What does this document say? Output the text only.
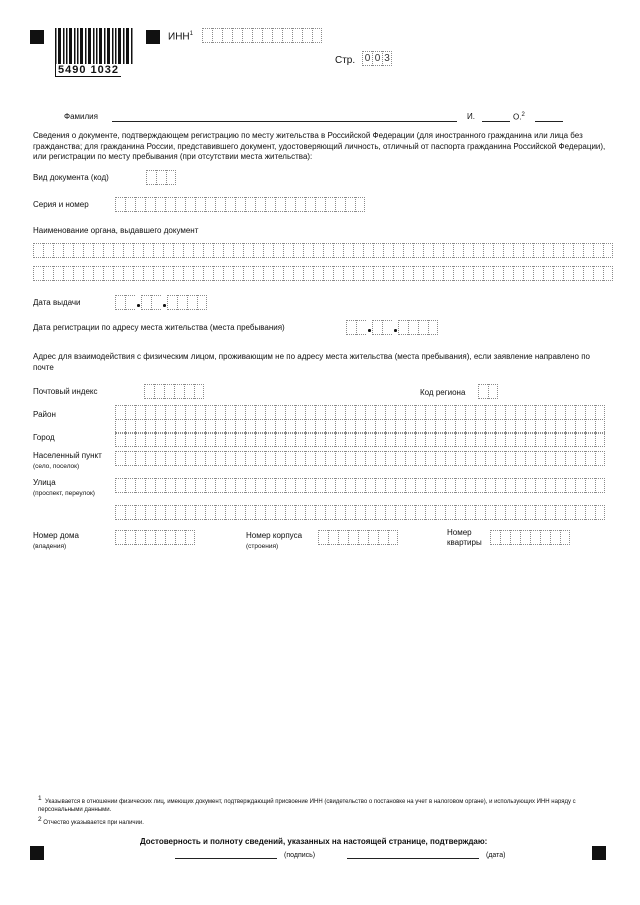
5490 1032
ИНН$^1$
Стр. 0 0 3
Фамилия	И.	О.$^2$
Сведения о документе, подтверждающем регистрацию по месту жительства в Российской Федерации (для иностранного гражданина или лица без гражданства; для гражданина России, представившего документ, удостоверяющий личность, отличный от паспорта гражданина Российской Федерации), или регистрации по месту пребывания (при отсутствии места жительства):
Вид документа (код)
Серия и номер
Наименование органа, выдавшего документ
Дата выдачи
Дата регистрации по адресу места жительства (места пребывания)
Адрес для взаимодействия с физическим лицом, проживающим не по адресу места жительства (места пребывания), если заявление направлено по почте
Почтовый индекс	Код региона
Район
Город
Населенный пункт
(село, поселок)
Улица
(проспект, переулок)
Номер дома
(владения)
Номер корпуса
(строения)
Номер
квартиры
$^1$ Указывается в отношении физических лиц, имеющих документ, подтверждающий присвоение ИНН (свидетельство о постановке на учет в налоговом органе), и использующих ИНН наряду с персональными данными.
$^2$ Отчество указывается при наличии.
Достоверность и полноту сведений, указанных на настоящей странице, подтверждаю:
(подпись)	(дата)
